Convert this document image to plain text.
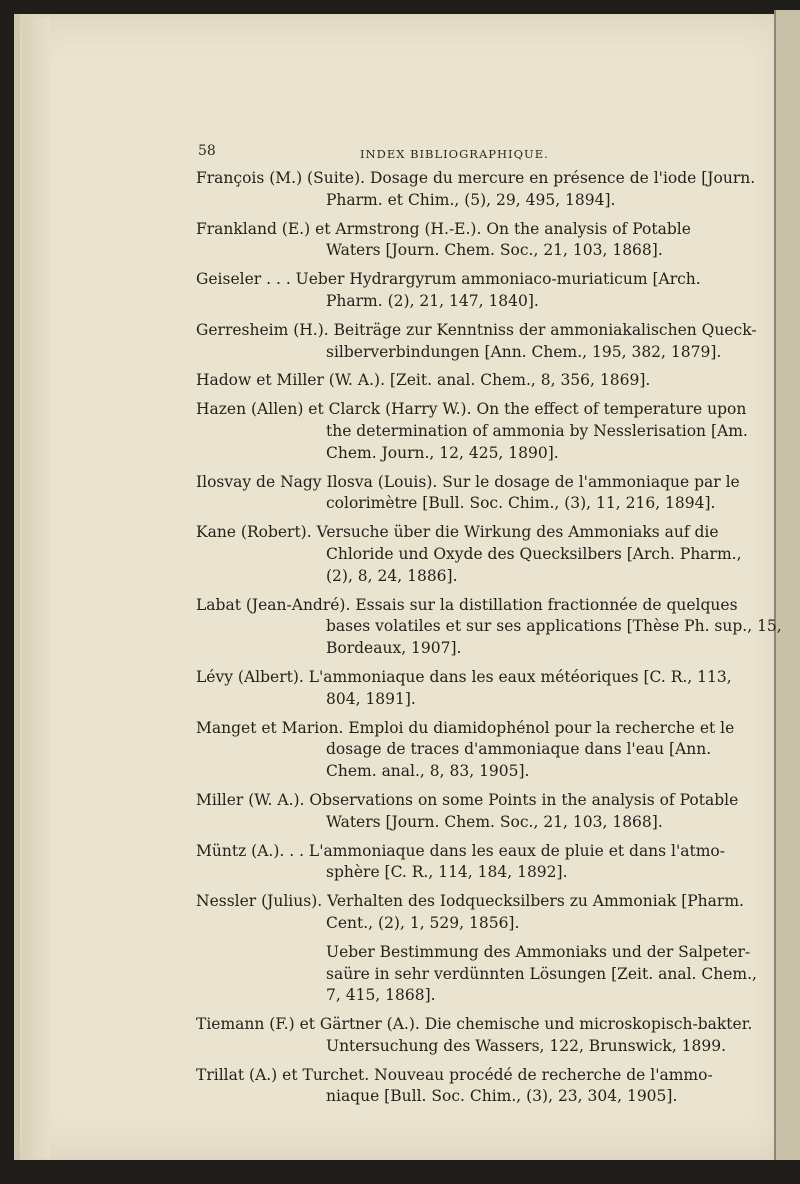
58	INDEX BIBLIOGRAPHIQUE.
François (M.) (Suite). Dosage du mercure en présence de l'iode [Journ.
Pharm. et Chim., (5), 29, 495, 1894].
Frankland (E.) et Armstrong (H.-E.). On the analysis of Potable
Waters [Journ. Chem. Soc., 21, 103, 1868].
Geiseler . . . Ueber Hydrargyrum ammoniaco-muriaticum [Arch.
Pharm. (2), 21, 147, 1840].
Gerresheim (H.). Beiträge zur Kenntniss der ammoniakalischen Queck-
silberverbindungen [Ann. Chem., 195, 382, 1879].
Hadow et Miller (W. A.). [Zeit. anal. Chem., 8, 356, 1869].
Hazen (Allen) et Clarck (Harry W.). On the effect of temperature upon
the determination of ammonia by Nesslerisation [Am.
Chem. Journ., 12, 425, 1890].
Ilosvay de Nagy Ilosva (Louis). Sur le dosage de l'ammoniaque par le
colorimètre [Bull. Soc. Chim., (3), 11, 216, 1894].
Kane (Robert). Versuche über die Wirkung des Ammoniaks auf die
Chloride und Oxyde des Quecksilbers [Arch. Pharm.,
(2), 8, 24, 1886].
Labat (Jean-André). Essais sur la distillation fractionnée de quelques
bases volatiles et sur ses applications [Thèse Ph. sup., 15,
Bordeaux, 1907].
Lévy (Albert). L'ammoniaque dans les eaux météoriques [C. R., 113,
804, 1891].
Manget et Marion. Emploi du diamidophénol pour la recherche et le
dosage de traces d'ammoniaque dans l'eau [Ann.
Chem. anal., 8, 83, 1905].
Miller (W. A.). Observations on some Points in the analysis of Potable
Waters [Journ. Chem. Soc., 21, 103, 1868].
Müntz (A.). . . L'ammoniaque dans les eaux de pluie et dans l'atmo-
sphère [C. R., 114, 184, 1892].
Nessler (Julius). Verhalten des Iodquecksilbers zu Ammoniak [Pharm.
Cent., (2), 1, 529, 1856].
Ueber Bestimmung des Ammoniaks und der Salpeter-
saüre in sehr verdünnten Lösungen [Zeit. anal. Chem.,
7, 415, 1868].
Tiemann (F.) et Gärtner (A.). Die chemische und microskopisch-bakter.
Untersuchung des Wassers, 122, Brunswick, 1899.
Trillat (A.) et Turchet. Nouveau procédé de recherche de l'ammo-
niaque [Bull. Soc. Chim., (3), 23, 304, 1905].
